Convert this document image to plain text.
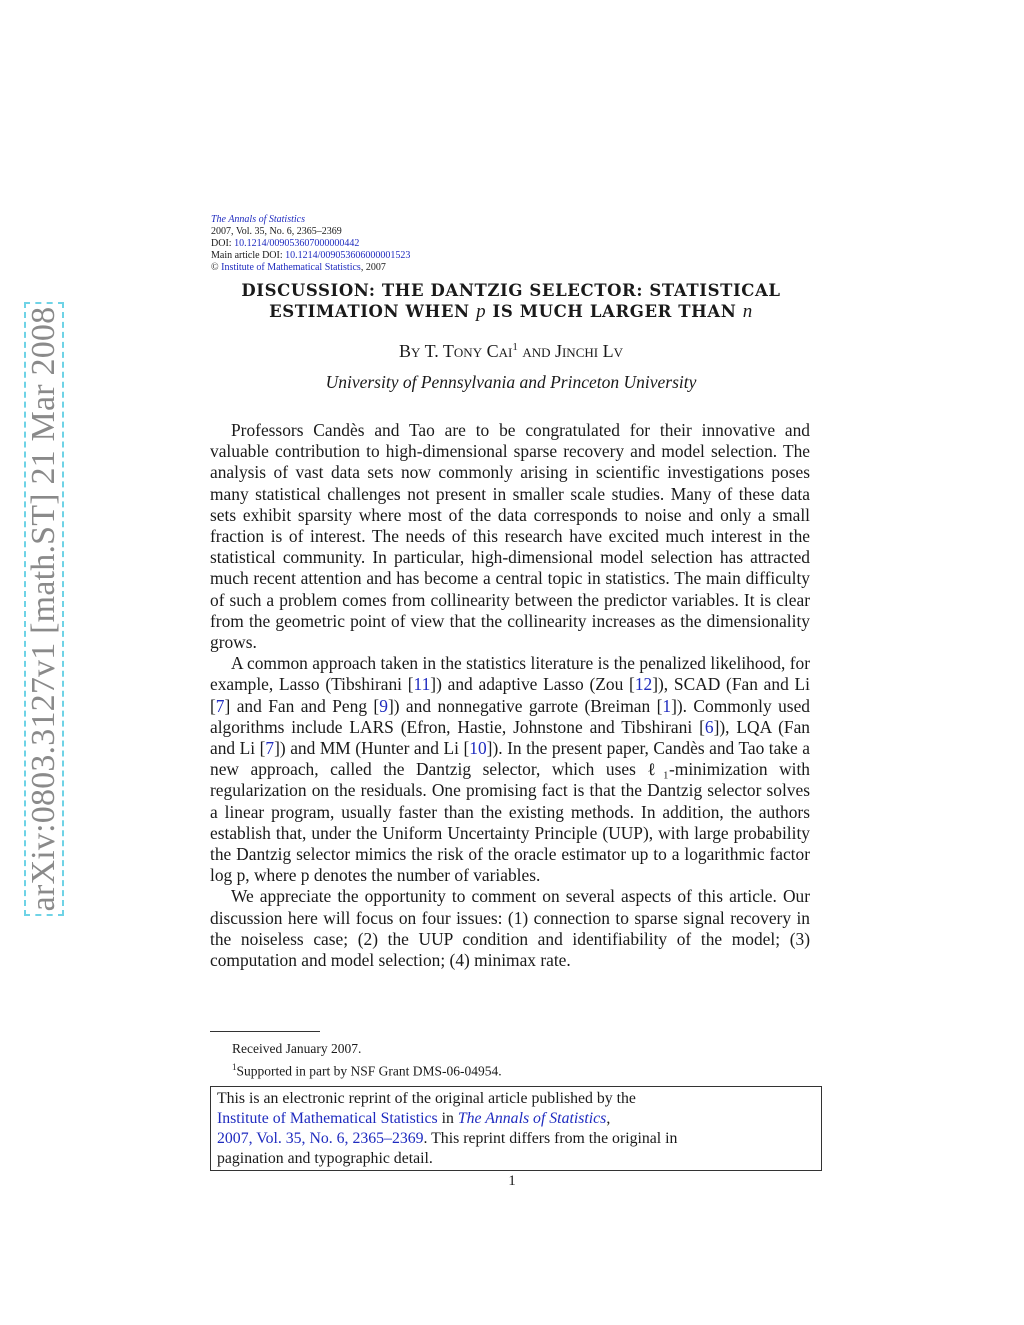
arXiv:0803.3127v1 [math.ST] 21 Mar 2008
The Annals of Statistics
2007, Vol. 35, No. 6, 2365–2369
DOI: 10.1214/009053607000000442
Main article DOI: 10.1214/009053606000001523
© Institute of Mathematical Statistics, 2007
DISCUSSION: THE DANTZIG SELECTOR: STATISTICAL
ESTIMATION WHEN p IS MUCH LARGER THAN n
By T. Tony Cai$^1$ and Jinchi Lv
University of Pennsylvania and Princeton University

Professors Candès and Tao are to be congratulated for their innovative and valuable contribution to high-dimensional sparse recovery and model selection. The analysis of vast data sets now commonly arising in scientific investigations poses many statistical challenges not present in smaller scale studies. Many of these data sets exhibit sparsity where most of the data corresponds to noise and only a small fraction is of interest. The needs of this research have excited much interest in the statistical community. In particular, high-dimensional model selection has attracted much recent attention and has become a central topic in statistics. The main difficulty of such a problem comes from collinearity between the predictor variables. It is clear from the geometric point of view that the collinearity increases as the dimensionality grows.

A common approach taken in the statistics literature is the penalized likelihood, for example, Lasso (Tibshirani [11]) and adaptive Lasso (Zou [12]), SCAD (Fan and Li [7] and Fan and Peng [9]) and nonnegative garrote (Breiman [1]). Commonly used algorithms include LARS (Efron, Hastie, Johnstone and Tibshirani [6]), LQA (Fan and Li [7]) and MM (Hunter and Li [10]). In the present paper, Candès and Tao take a new approach, called the Dantzig selector, which uses ℓ₁-minimization with regularization on the residuals. One promising fact is that the Dantzig selector solves a linear program, usually faster than the existing methods. In addition, the authors establish that, under the Uniform Uncertainty Principle (UUP), with large probability the Dantzig selector mimics the risk of the oracle estimator up to a logarithmic factor log p, where p denotes the number of variables.

We appreciate the opportunity to comment on several aspects of this article. Our discussion here will focus on four issues: (1) connection to sparse signal recovery in the noiseless case; (2) the UUP condition and identifiability of the model; (3) computation and model selection; (4) minimax rate.

Received January 2007.
$^1$Supported in part by NSF Grant DMS-06-04954.
This is an electronic reprint of the original article published by the
Institute of Mathematical Statistics in The Annals of Statistics,
2007, Vol. 35, No. 6, 2365–2369. This reprint differs from the original in
pagination and typographic detail.
1
